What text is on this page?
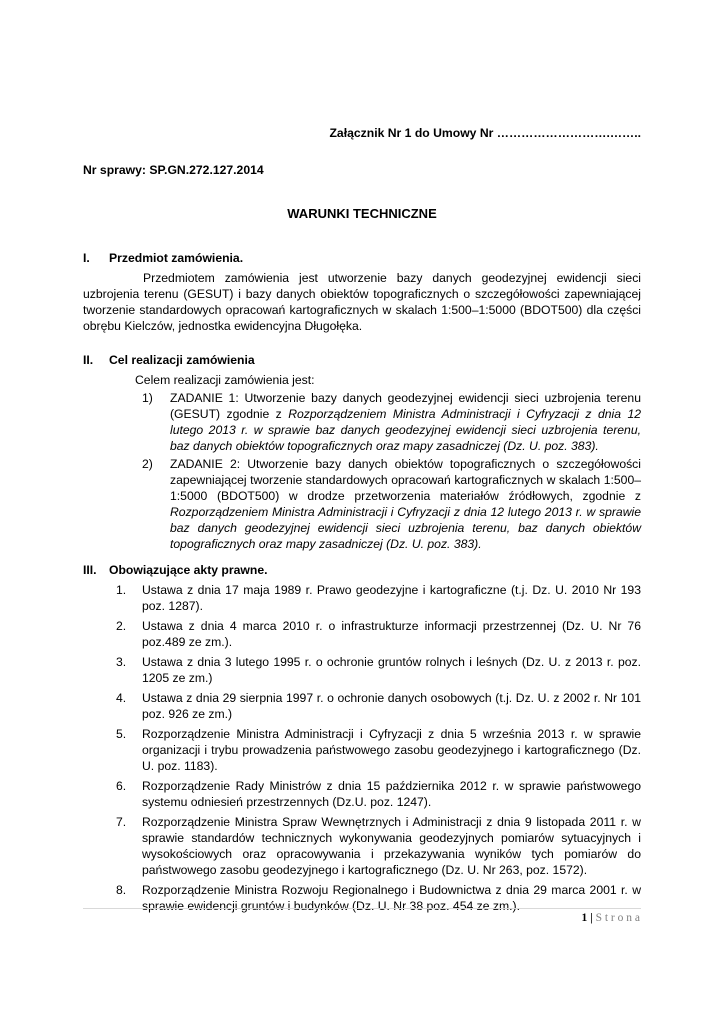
Załącznik Nr 1 do Umowy Nr ……………………….……..
Nr sprawy: SP.GN.272.127.2014
WARUNKI TECHNICZNE
I.	Przedmiot zamówienia.
Przedmiotem zamówienia jest utworzenie bazy danych geodezyjnej ewidencji sieci uzbrojenia terenu (GESUT) i bazy danych obiektów topograficznych o szczegółowości zapewniającej tworzenie standardowych opracowań kartograficznych w skalach 1:500–1:5000 (BDOT500) dla części obrębu Kielczów, jednostka ewidencyjna Długołęka.
II.	Cel realizacji zamówienia
Celem realizacji zamówienia jest:
1)	ZADANIE 1: Utworzenie bazy danych geodezyjnej ewidencji sieci uzbrojenia terenu (GESUT) zgodnie z Rozporządzeniem Ministra Administracji i Cyfryzacji z dnia 12 lutego 2013 r. w sprawie baz danych geodezyjnej ewidencji sieci uzbrojenia terenu, baz danych obiektów topograficznych oraz mapy zasadniczej (Dz. U. poz. 383).
2)	ZADANIE 2: Utworzenie bazy danych obiektów topograficznych o szczegółowości zapewniającej tworzenie standardowych opracowań kartograficznych w skalach 1:500–1:5000 (BDOT500) w drodze przetworzenia materiałów źródłowych, zgodnie z Rozporządzeniem Ministra Administracji i Cyfryzacji z dnia 12 lutego 2013 r. w sprawie baz danych geodezyjnej ewidencji sieci uzbrojenia terenu, baz danych obiektów topograficznych oraz mapy zasadniczej (Dz. U. poz. 383).
III.	Obowiązujące akty prawne.
1.	Ustawa z dnia 17 maja 1989 r. Prawo geodezyjne i kartograficzne (t.j. Dz. U. 2010 Nr 193 poz. 1287).
2.	Ustawa z dnia 4 marca 2010 r. o infrastrukturze informacji przestrzennej (Dz. U. Nr 76 poz.489 ze zm.).
3.	Ustawa z dnia 3 lutego 1995 r. o ochronie gruntów rolnych i leśnych (Dz. U. z 2013 r. poz. 1205 ze zm.)
4.	Ustawa z dnia 29 sierpnia 1997 r. o ochronie danych osobowych (t.j. Dz. U. z 2002 r. Nr 101 poz. 926 ze zm.)
5.	Rozporządzenie Ministra Administracji i Cyfryzacji z dnia 5 września 2013 r. w sprawie organizacji i trybu prowadzenia państwowego zasobu geodezyjnego i kartograficznego (Dz. U. poz. 1183).
6.	Rozporządzenie Rady Ministrów z dnia 15 października 2012 r. w sprawie państwowego systemu odniesień przestrzennych (Dz.U. poz. 1247).
7.	Rozporządzenie Ministra Spraw Wewnętrznych i Administracji z dnia 9 listopada 2011 r. w sprawie standardów technicznych wykonywania geodezyjnych pomiarów sytuacyjnych i wysokościowych oraz opracowywania i przekazywania wyników tych pomiarów do państwowego zasobu geodezyjnego i kartograficznego (Dz. U. Nr 263, poz. 1572).
8.	Rozporządzenie Ministra Rozwoju Regionalnego i Budownictwa z dnia 29 marca 2001 r. w sprawie ewidencji gruntów i budynków (Dz. U. Nr 38 poz. 454 ze zm.).
1 | S t r o n a
